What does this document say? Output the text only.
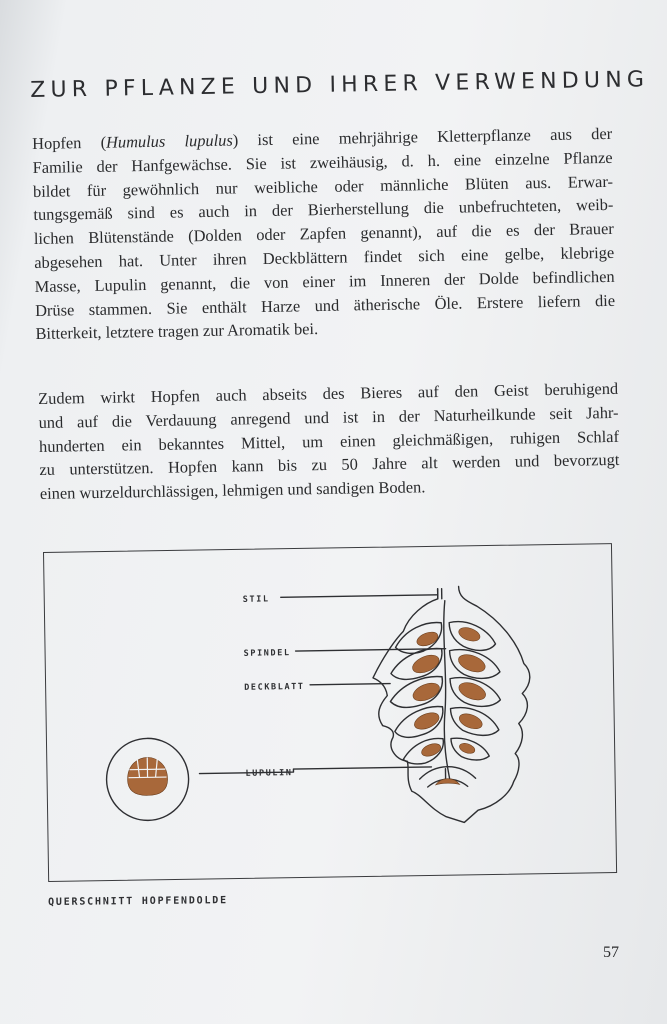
ZUR PFLANZE UND IHRER VERWENDUNG
Hopfen (Humulus lupulus) ist eine mehrjährige Kletterpflanze aus der
Familie der Hanfgewächse. Sie ist zweihäusig, d. h. eine einzelne Pflanze
bildet für gewöhnlich nur weibliche oder männliche Blüten aus. Erwar-
tungsgemäß sind es auch in der Bierherstellung die unbefruchteten, weib-
lichen Blütenstände (Dolden oder Zapfen genannt), auf die es der Brauer
abgesehen hat. Unter ihren Deckblättern findet sich eine gelbe, klebrige
Masse, Lupulin genannt, die von einer im Inneren der Dolde befindlichen
Drüse stammen. Sie enthält Harze und ätherische Öle. Erstere liefern die
Bitterkeit, letztere tragen zur Aromatik bei.
Zudem wirkt Hopfen auch abseits des Bieres auf den Geist beruhigend
und auf die Verdauung anregend und ist in der Naturheilkunde seit Jahr-
hunderten ein bekanntes Mittel, um einen gleichmäßigen, ruhigen Schlaf
zu unterstützen. Hopfen kann bis zu 50 Jahre alt werden und bevorzugt
einen wurzeldurchlässigen, lehmigen und sandigen Boden.
STIL
SPINDEL
DECKBLATT
LUPULIN
QUERSCHNITT HOPFENDOLDE
57
